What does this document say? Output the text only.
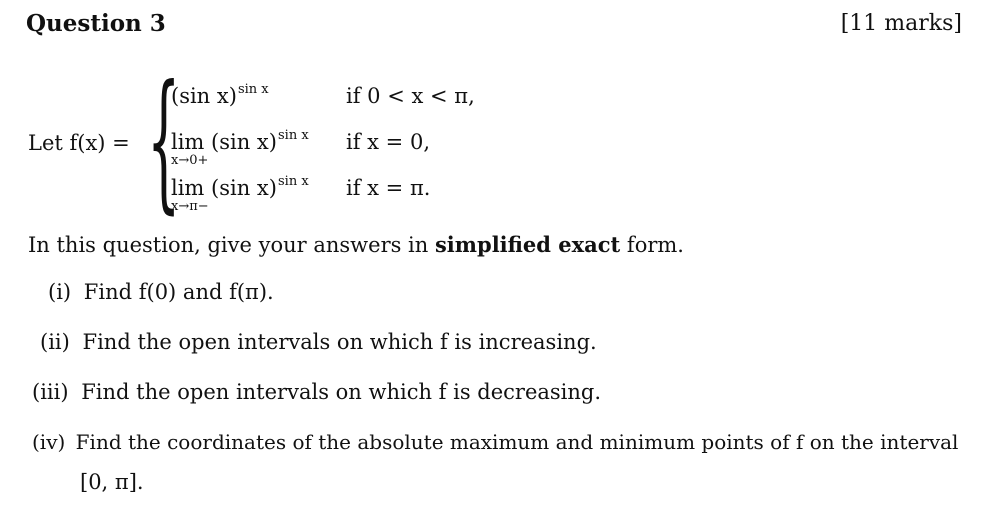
Question 3	[11 marks]
Let f(x) = {
(sin x)$^{sin x}$	if 0 < x < π,
lim
x→0+
(sin x)$^{sin x}$ if x = 0,
lim
x→π−
(sin x)$^{sin x}$ if x = π.
In this question, give your answers in simplified exact form.
(i) Find f(0) and f(π).
(ii) Find the open intervals on which f is increasing.
(iii) Find the open intervals on which f is decreasing.
(iv) Find the coordinates of the absolute maximum and minimum points of f on the interval
[0, π].
